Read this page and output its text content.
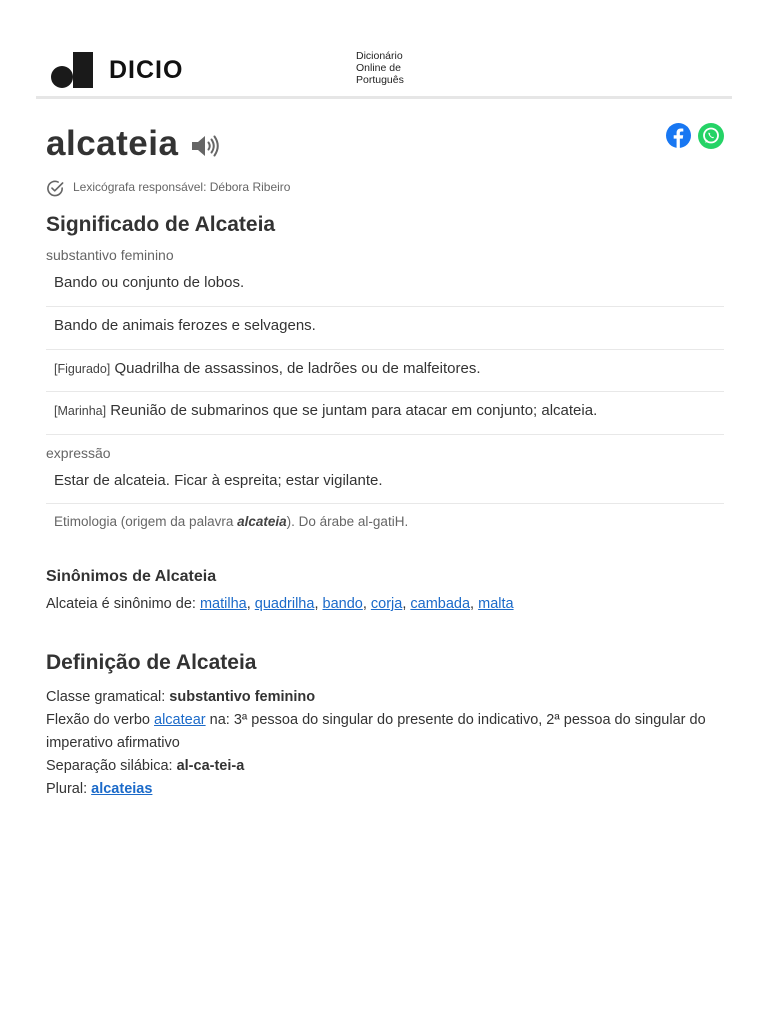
DICIO	Dicionário
Online de
Português
alcateia
Lexicógrafa responsável: Débora Ribeiro
Significado de Alcateia
substantivo feminino
Bando ou conjunto de lobos.
Bando de animais ferozes e selvagens.
[Figurado] Quadrilha de assassinos, de ladrões ou de malfeitores.
[Marinha] Reunião de submarinos que se juntam para atacar em conjunto; alcateia.
expressão
Estar de alcateia. Ficar à espreita; estar vigilante.
Etimologia (origem da palavra alcateia). Do árabe al-gatiH.
Sinônimos de Alcateia
Alcateia é sinônimo de: matilha, quadrilha, bando, corja, cambada, malta
Definição de Alcateia

Classe gramatical: substantivo feminino

Flexão do verbo alcatear na: 3ª pessoa do singular do presente do indicativo, 2ª pessoa do singular do imperativo afirmativo

Separação silábica: al-ca-tei-a

Plural: alcateias
